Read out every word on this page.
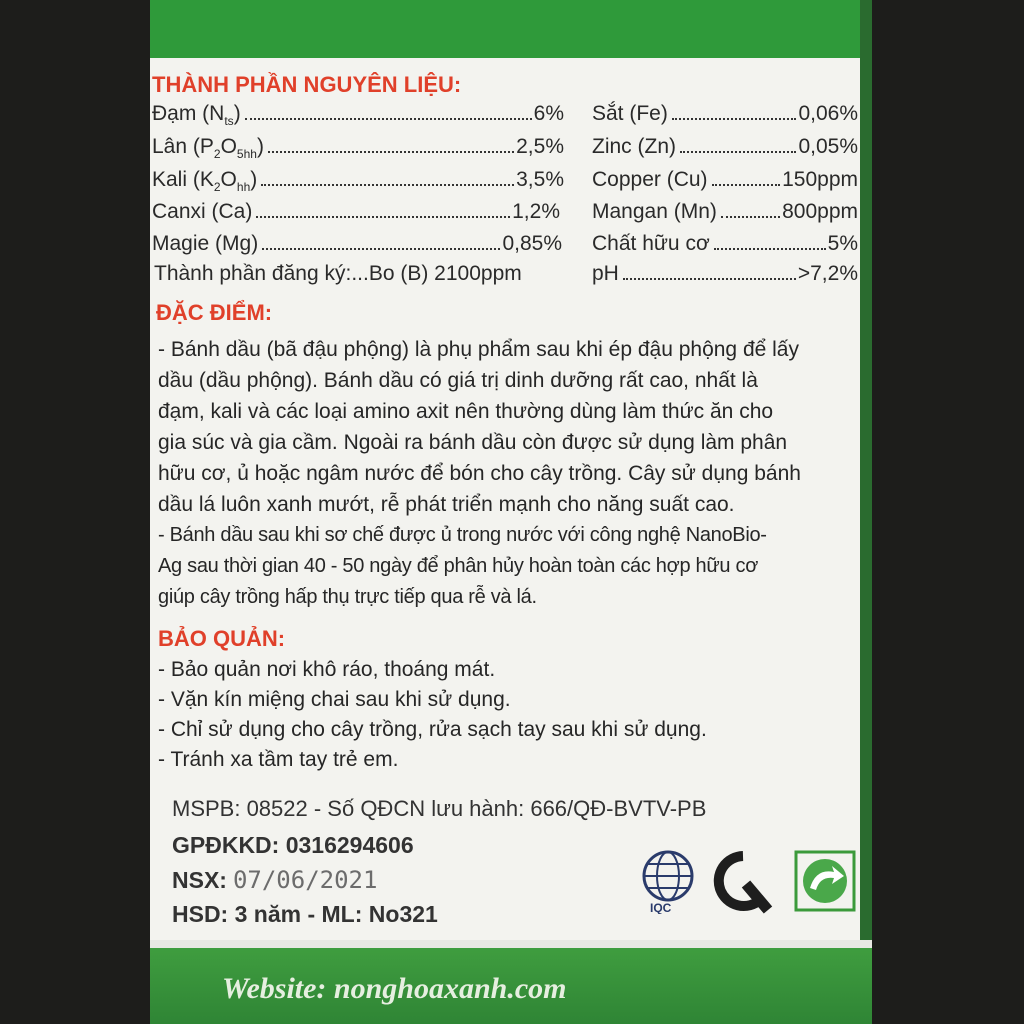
THÀNH PHẦN NGUYÊN LIỆU:
Đạm $(N_{ts})$	6%
Lân $(P_2O_{5hh})$	2,5%
Kali $(K_2O_{hh})$	3,5%
Canxi (Ca)	1,2%
Magie (Mg)	0,85%
Thành phần đăng ký:...Bo (B) 2100ppm
Sắt (Fe)	0,06%
Zinc (Zn)	0,05%
Copper (Cu)	150ppm
Mangan (Mn)	800ppm
Chất hữu cơ	5%
pH	>7,2%
ĐẶC ĐIỂM:
- Bánh dầu (bã đậu phộng) là phụ phẩm sau khi ép đậu phộng để lấy
dầu (dầu phộng). Bánh dầu có giá trị dinh dưỡng rất cao, nhất là
đạm, kali và các loại amino axit nên thường dùng làm thức ăn cho
gia súc và gia cầm. Ngoài ra bánh dầu còn được sử dụng làm phân
hữu cơ, ủ hoặc ngâm nước để bón cho cây trồng. Cây sử dụng bánh
dầu lá luôn xanh mướt, rễ phát triển mạnh cho năng suất cao.
- Bánh dầu sau khi sơ chế được ủ trong nước với công nghệ NanoBio-
Ag sau thời gian 40 - 50 ngày để phân hủy hoàn toàn các hợp hữu cơ
giúp cây trồng hấp thụ trực tiếp qua rễ và lá.
BẢO QUẢN:
- Bảo quản nơi khô ráo, thoáng mát.
- Vặn kín miệng chai sau khi sử dụng.
- Chỉ sử dụng cho cây trồng, rửa sạch tay sau khi sử dụng.
- Tránh xa tầm tay trẻ em.
MSPB: 08522 - Số QĐCN lưu hành: 666/QĐ-BVTV-PB
GPĐKKD: 0316294606
NSX: 07/06/2021
HSD: 3 năm - ML: No321	IQC
Website: nonghoaxanh.com
